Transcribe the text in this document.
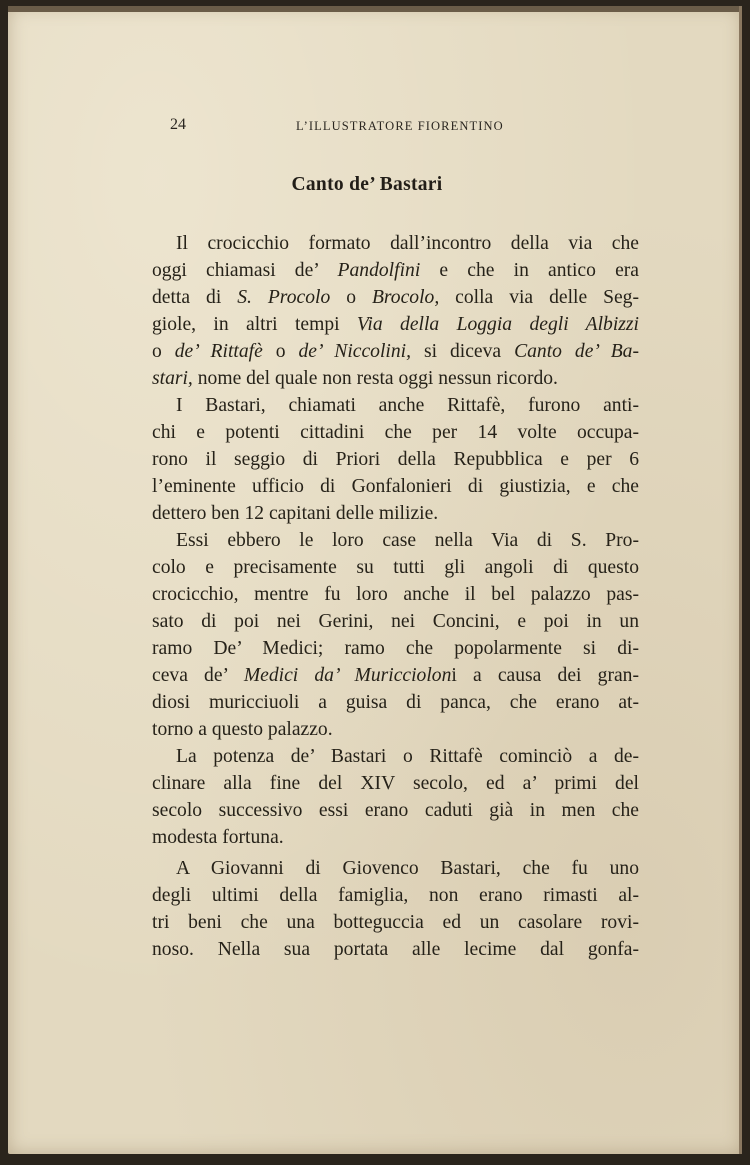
24	L’ILLUSTRATORE FIORENTINO
Canto de’ Bastari
Il crocicchio formato dall’incontro della via che
oggi chiamasi de’ Pandolfini e che in antico era
detta di S. Procolo o Brocolo, colla via delle Seg-
giole, in altri tempi Via della Loggia degli Albizzi
o de’ Rittafè o de’ Niccolini, si diceva Canto de’ Ba-
stari, nome del quale non resta oggi nessun ricordo.
I Bastari, chiamati anche Rittafè, furono anti-
chi e potenti cittadini che per 14 volte occupa-
rono il seggio di Priori della Repubblica e per 6
l’eminente ufficio di Gonfalonieri di giustizia, e che
dettero ben 12 capitani delle milizie.
Essi ebbero le loro case nella Via di S. Pro-
colo e precisamente su tutti gli angoli di questo
crocicchio, mentre fu loro anche il bel palazzo pas-
sato di poi nei Gerini, nei Concini, e poi in un
ramo De’ Medici; ramo che popolarmente si di-
ceva de’ Medici da’ Muriccioloni a causa dei gran-
diosi muricciuoli a guisa di panca, che erano at-
torno a questo palazzo.
La potenza de’ Bastari o Rittafè cominciò a de-
clinare alla fine del XIV secolo, ed a’ primi del
secolo successivo essi erano caduti già in men che
modesta fortuna.
A Giovanni di Giovenco Bastari, che fu uno
degli ultimi della famiglia, non erano rimasti al-
tri beni che una botteguccia ed un casolare rovi-
noso. Nella sua portata alle lecime dal gonfa-
